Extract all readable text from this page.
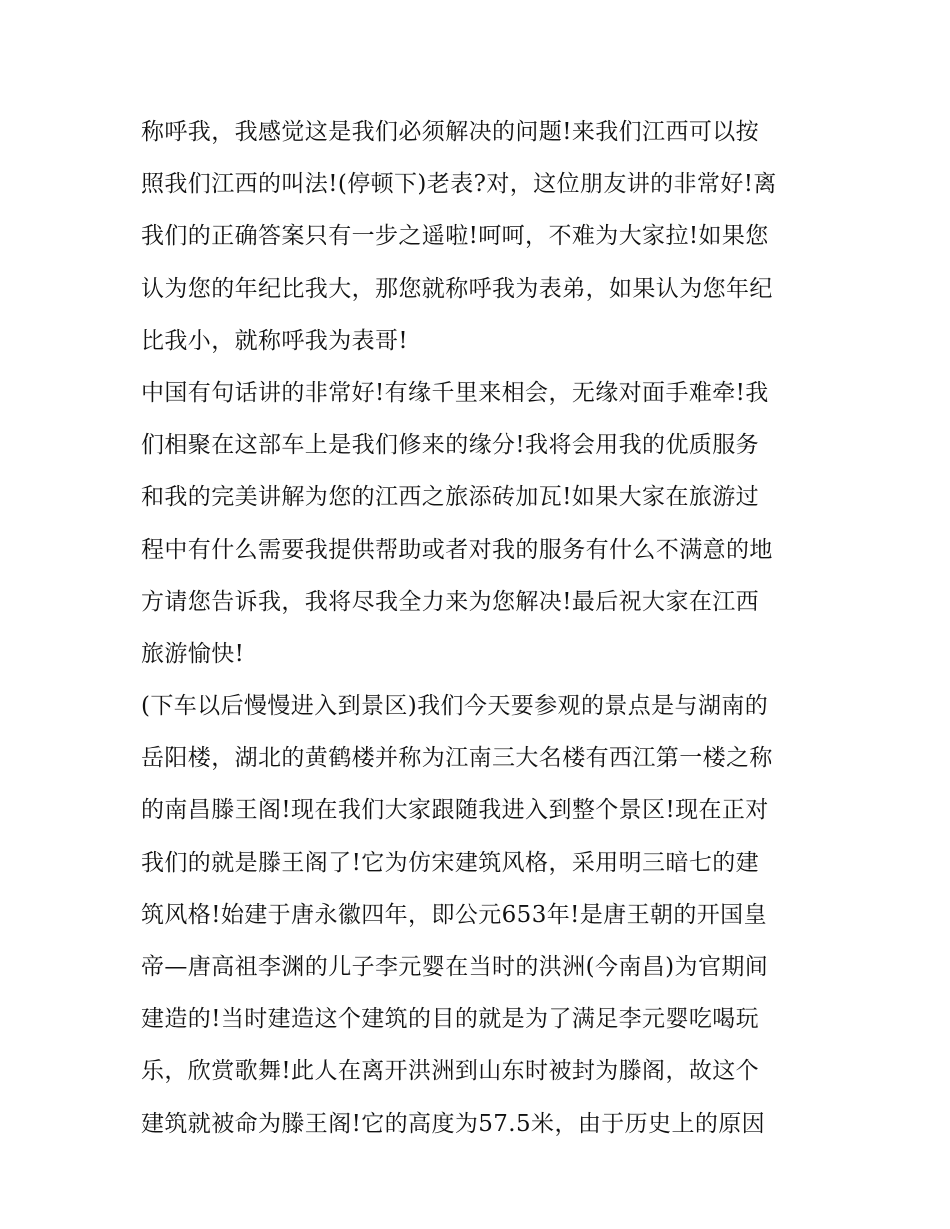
称呼我，我感觉这是我们必须解决的问题!来我们江西可以按
照我们江西的叫法!(停顿下)老表?对，这位朋友讲的非常好!离
我们的正确答案只有一步之遥啦!呵呵，不难为大家拉!如果您
认为您的年纪比我大，那您就称呼我为表弟，如果认为您年纪
比我小，就称呼我为表哥!
中国有句话讲的非常好!有缘千里来相会，无缘对面手难牵!我
们相聚在这部车上是我们修来的缘分!我将会用我的优质服务
和我的完美讲解为您的江西之旅添砖加瓦!如果大家在旅游过
程中有什么需要我提供帮助或者对我的服务有什么不满意的地
方请您告诉我，我将尽我全力来为您解决!最后祝大家在江西
旅游愉快!
(下车以后慢慢进入到景区)我们今天要参观的景点是与湖南的
岳阳楼，湖北的黄鹤楼并称为江南三大名楼有西江第一楼之称
的南昌滕王阁!现在我们大家跟随我进入到整个景区!现在正对
我们的就是滕王阁了!它为仿宋建筑风格，采用明三暗七的建
筑风格!始建于唐永徽四年，即公元653年!是唐王朝的开国皇
帝—唐高祖李渊的儿子李元婴在当时的洪洲(今南昌)为官期间
建造的!当时建造这个建筑的目的就是为了满足李元婴吃喝玩
乐，欣赏歌舞!此人在离开洪洲到山东时被封为滕阁，故这个
建筑就被命为滕王阁!它的高度为57.5米，由于历史上的原因
